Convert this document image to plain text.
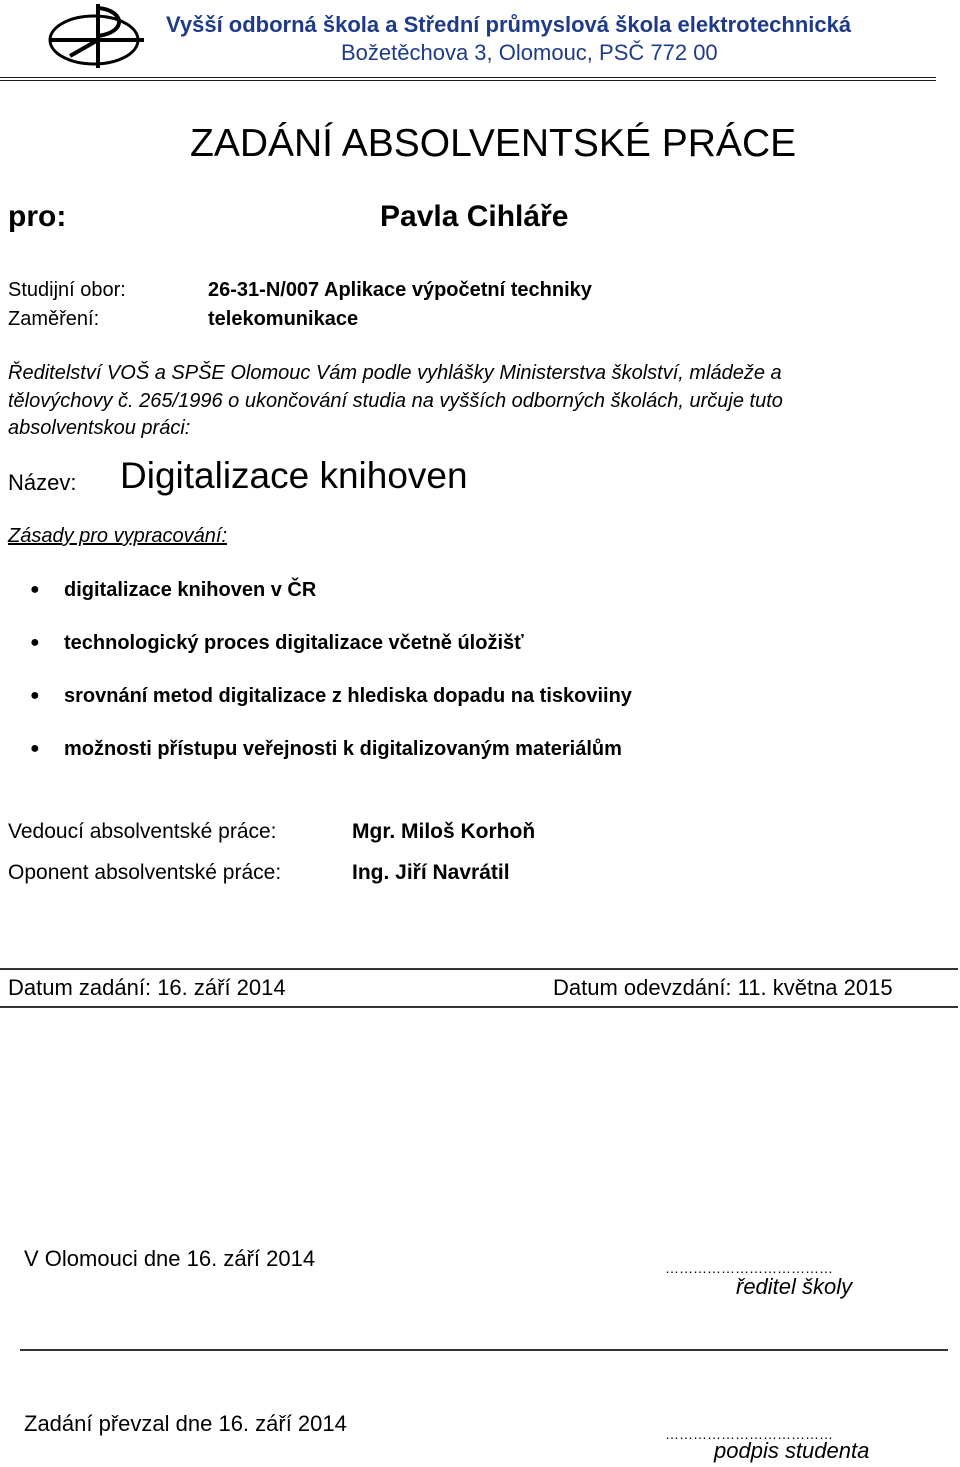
Vyšší odborná škola a Střední průmyslová škola elektrotechnická
Božetěchova 3, Olomouc, PSČ 772 00
ZADÁNÍ ABSOLVENTSKÉ PRÁCE
pro:	Pavla Cihláře
Studijní obor:	26-31-N/007 Aplikace výpočetní techniky
Zaměření:	telekomunikace
Ředitelství VOŠ a SPŠE Olomouc Vám podle vyhlášky Ministerstva školství, mládeže a
tělovýchovy č. 265/1996 o ukončování studia na vyšších odborných školách, určuje tuto
absolventskou práci:
Název: Digitalizace knihoven
Zásady pro vypracování:
● digitalizace knihoven v ČR
● technologický proces digitalizace včetně úložišť
● srovnání metod digitalizace z hlediska dopadu na tiskoviiny
● možnosti přístupu veřejnosti k digitalizovaným materiálům
Vedoucí absolventské práce:	Mgr. Miloš Korhoň
Oponent absolventské práce:	Ing. Jiří Navrátil
Datum zadání: 16. září 2014	Datum odevzdání: 11. května 2015
V Olomouci dne 16. září 2014	………………………………
ředitel školy
Zadání převzal dne 16. září 2014	………………………………
podpis studenta
